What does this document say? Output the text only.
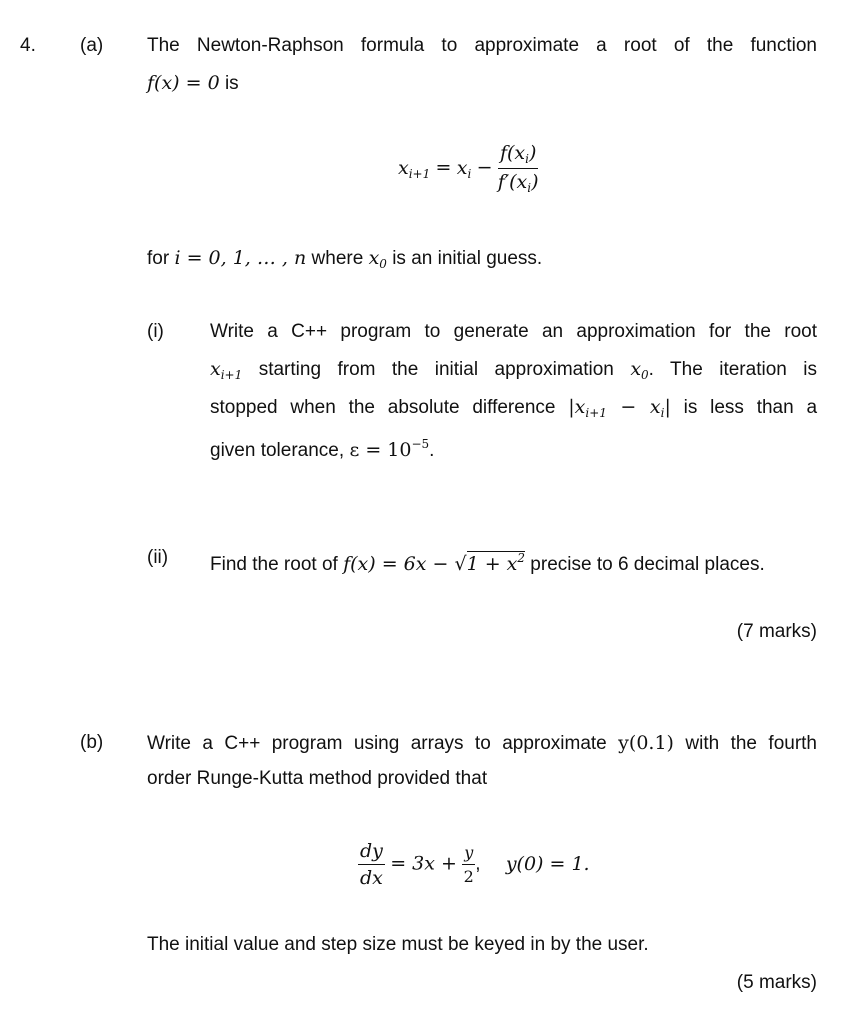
4. (a) The Newton-Raphson formula to approximate a root of the function
f(x) = 0 is
$x_{i+1} = x_i - \frac{f(x_i)}{f'(x_i)}$
for i = 0, 1, … , n where $x_0$ is an initial guess.
(i) Write a C++ program to generate an approximation for the root
$x_{i+1}$ starting from the initial approximation $x_0$. The iteration is
stopped when the absolute difference $|x_{i+1} - x_i|$ is less than a
given tolerance, $\varepsilon = 10^{-5}$.
(ii) Find the root of $f(x) = 6x - √1 + x^2$ precise to 6 decimal places.
(7 marks)
(b) Write a C++ program using arrays to approximate y(0.1) with the fourth
order Runge-Kutta method provided that
$\frac{dy}{dx} = 3x + \frac{y}{2}$ , y(0) = 1.
The initial value and step size must be keyed in by the user.
(5 marks)
